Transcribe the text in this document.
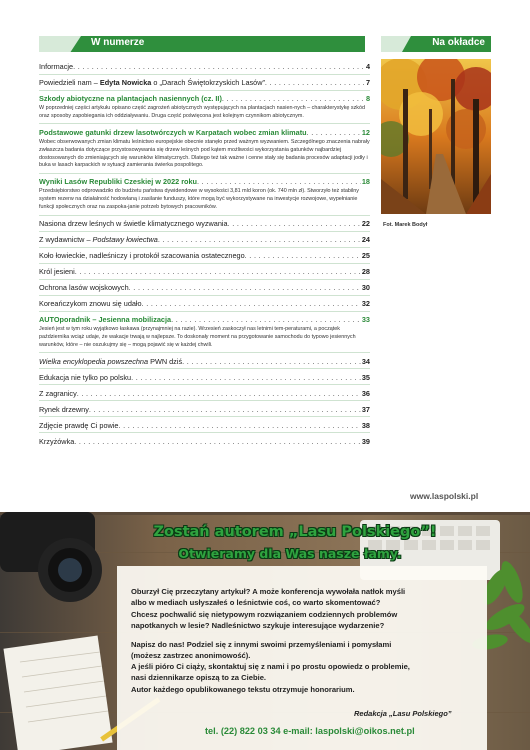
W numerze	Na okładce
Fot. Marek Bodył
Informacje . . .	4
Powiedzieli nam – Edyta Nowicka o „Darach Świętokrzyskich Lasów” . . .	7
Szkody abiotyczne na plantacjach nasiennych (cz. II) . . .	8
W poprzedniej części artykułu opisano część zagrożeń abiotycznych występujących na plantacjach nasien-nych – charakterystykę szkód oraz sposoby zapobiegania ich oddziaływaniu. Druga część poświęcona jest kolejnym czynnikom abiotycznym.
Podstawowe gatunki drzew lasotwórczych w Karpatach wobec zmian klimatu . . .	12
Wobec obserwowanych zmian klimatu leśnictwo europejskie obecnie stanęło przed ważnym wyzwaniem. Szczególnego znaczenia nabrały zwłaszcza badania dotyczące przystosowywania się drzew leśnych pod kątem możliwości wykorzystania gatunków najbardziej dostosowanych do zmieniających się warunków klimatycznych. Dlatego też tak ważne i cenne stały się badania procesów adaptacji jodły i buka w lasach karpackich w sytuacji zamierania świerka pospolitego.
Wyniki Lasów Republiki Czeskiej w 2022 roku . . .	18
Przedsiębiorstwo odprowadziło do budżetu państwa dywidendowe w wysokości 3,81 mld koron (ok. 740 mln zł). Stworzyło też stabilny system rezerw na działalność hodowlaną i zasilanie funduszy, które mogą być wykorzystywane na inwestycje rozwojowe, wypełnianie funkcji społecznych oraz na zaspoka-janie potrzeb bytowych pracowników.
Nasiona drzew leśnych w świetle klimatycznego wyzwania . . .	22
Z wydawnictw – Podstawy łowiectwa . . .	24
Koło łowieckie, nadleśniczy i protokół szacowania ostatecznego . . .	25
Król jesieni . . .	28
Ochrona lasów wojskowych . . .	30
Koreańczykom znowu się udało . . .	32
AUTOporadnik – Jesienna mobilizacja . . .	33
Jesień jest w tym roku wyjątkowo łaskawa (przynajmniej na razie). Wrzesień zaskoczył nas letnimi tem-peraturami, a początek października wciąż udaje, że wakacje trwają w najlepsze. To doskonały moment na przygotowanie samochodu do typowo jesiennych warunków, które – nie oszukujmy się – mogą pojawić się w każdej chwili.
Wielka encyklopedia powszechna PWN dziś . . .	34
Edukacja nie tylko po polsku . . .	35
Z zagranicy . . .	36
Rynek drzewny . . .	37
Zdjęcie prawdę Ci powie . . .	38
Krzyżówka . . .	39
www.laspolski.pl
Zostań autorem „Lasu Polskiego”!
Otwieramy dla Was nasze łamy.
Oburzył Cię przeczytany artykuł? A może konferencja wywołała natłok myśli
albo w mediach usłyszałeś o leśnictwie coś, co warto skomentować?
Chcesz pochwalić się nietypowym rozwiązaniem codziennych problemów
napotkanych w lesie? Nadleśnictwo szykuje interesujące wydarzenie?
Napisz do nas! Podziel się z innymi swoimi przemyśleniami i pomysłami
(możesz zastrzec anonimowość).
A jeśli pióro Ci ciąży, skontaktuj się z nami i po prostu opowiedz o problemie,
nasi dziennikarze opiszą to za Ciebie.
Autor każdego opublikowanego tekstu otrzymuje honorarium.
Redakcja „Lasu Polskiego”
tel. (22) 822 03 34 e-mail: laspolski@oikos.net.pl
